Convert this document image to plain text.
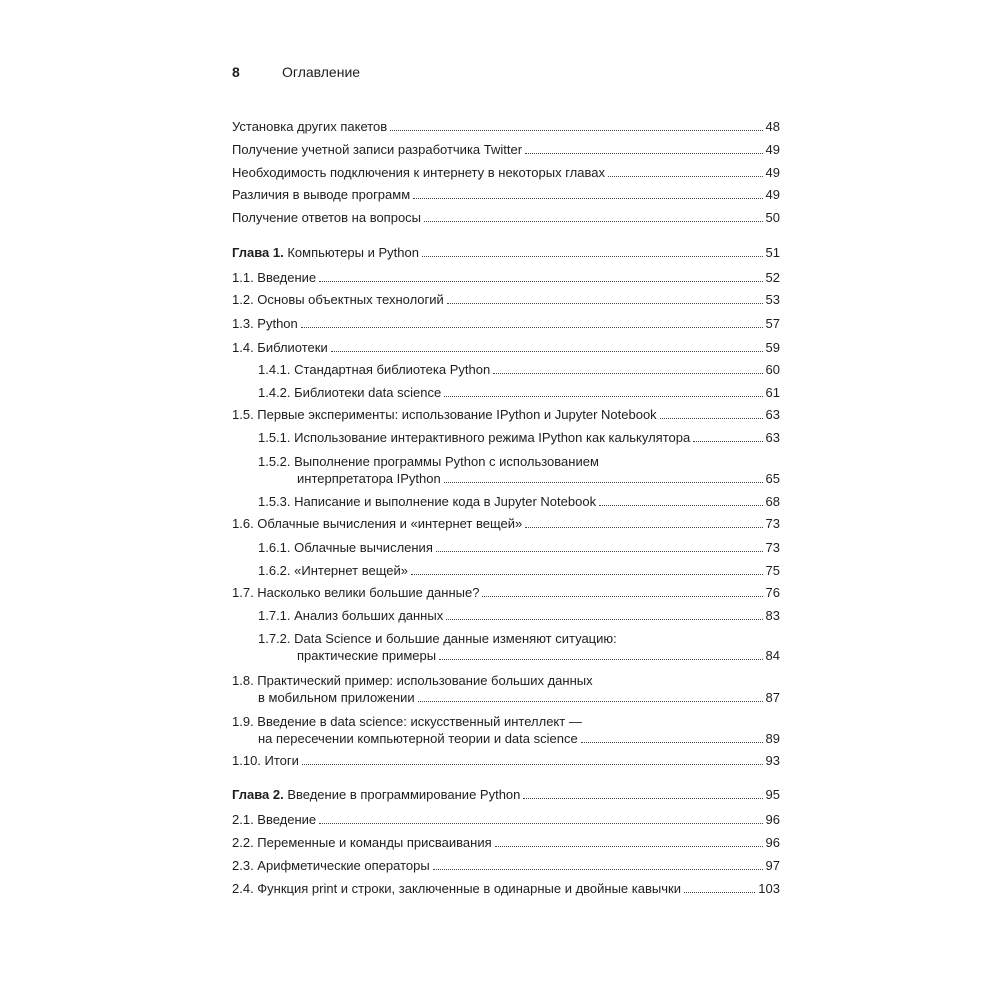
8	Оглавление
Установка других пакетов	48
Получение учетной записи разработчика Twitter	49
Необходимость подключения к интернету в некоторых главах	49
Различия в выводе программ	49
Получение ответов на вопросы	50
Глава 1. Компьютеры и Python	51
1.1. Введение	52
1.2. Основы объектных технологий	53
1.3. Python	57
1.4. Библиотеки	59
1.4.1. Стандартная библиотека Python	60
1.4.2. Библиотеки data science	61
1.5. Первые эксперименты: использование IPython и Jupyter Notebook	63
1.5.1. Использование интерактивного режима IPython как калькулятора	63
1.5.2. Выполнение программы Python с использованием
интерпретатора IPython	65
1.5.3. Написание и выполнение кода в Jupyter Notebook	68
1.6. Облачные вычисления и «интернет вещей»	73
1.6.1. Облачные вычисления	73
1.6.2. «Интернет вещей»	75
1.7. Насколько велики большие данные?	76
1.7.1. Анализ больших данных	83
1.7.2. Data Science и большие данные изменяют ситуацию:
практические примеры	84
1.8. Практический пример: использование больших данных
в мобильном приложении	87
1.9. Введение в data science: искусственный интеллект —
на пересечении компьютерной теории и data science	89
1.10. Итоги	93
Глава 2. Введение в программирование Python	95
2.1. Введение	96
2.2. Переменные и команды присваивания	96
2.3. Арифметические операторы	97
2.4. Функция print и строки, заключенные в одинарные и двойные кавычки	103
